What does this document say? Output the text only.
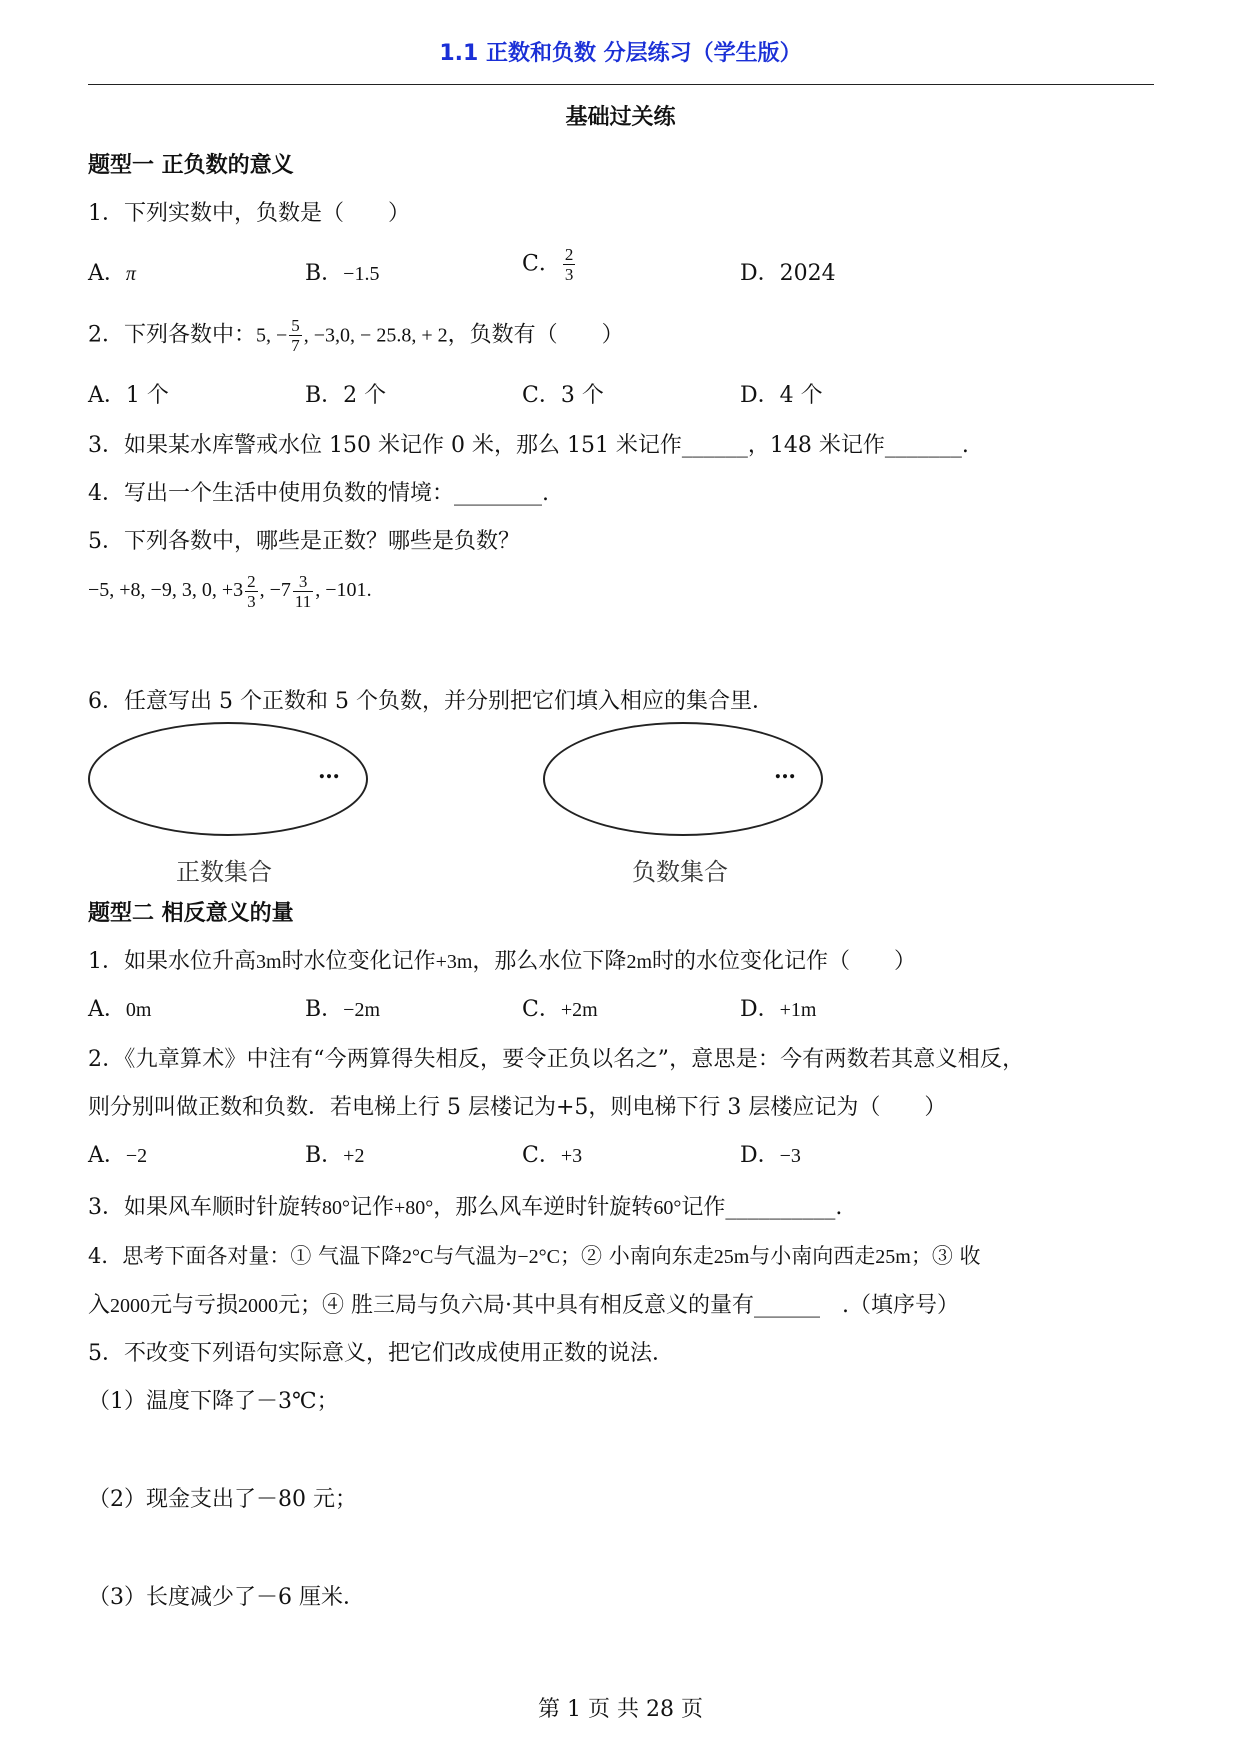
1.1 正数和负数 分层练习（学生版）
基础过关练
题型一 正负数的意义
1．下列实数中，负数是（　　）
A．π	B．−1.5	C． $\frac{2}{3}$	D．2024
2．下列各数中：5, − $\frac{5}{7}$ , −3,0, − 25.8, + 2，负数有（　　）
A．1 个	B．2 个	C．3 个	D．4 个
3．如果某水库警戒水位 150 米记作 0 米，那么 151 米记作______，148 米记作_______.
4．写出一个生活中使用负数的情境：________.
5．下列各数中，哪些是正数？哪些是负数？
−5, +8, −9, 3, 0, $+3 \frac{2}{3}$ , $-7 \frac{3}{11}$ , −101.
6．任意写出 5 个正数和 5 个负数，并分别把它们填入相应的集合里．
…	…
正数集合	负数集合
题型二 相反意义的量
1．如果水位升高3m时水位变化记作+3m，那么水位下降2m时的水位变化记作（　　）
A．0m	B．−2m	C．+2m	D．+1m
2．《九章算术》中注有“今两算得失相反，要令正负以名之”，意思是：今有两数若其意义相反，
则分别叫做正数和负数．若电梯上行 5 层楼记为+5，则电梯下行 3 层楼应记为（　　）
A．−2	B．+2	C．+3	D．−3
3．如果风车顺时针旋转80°记作+80°，那么风车逆时针旋转60°记作__________.
4．思考下面各对量：① 气温下降2°C与气温为−2°C；② 小南向东走25m与小南向西走25m；③ 收
入2000元与亏损2000元；④ 胜三局与负六局·其中具有相反意义的量有______　.（填序号）
5．不改变下列语句实际意义，把它们改成使用正数的说法．
（1）温度下降了－3℃；
（2）现金支出了－80 元；
（3）长度减少了－6 厘米．
第 1 页 共 28 页
